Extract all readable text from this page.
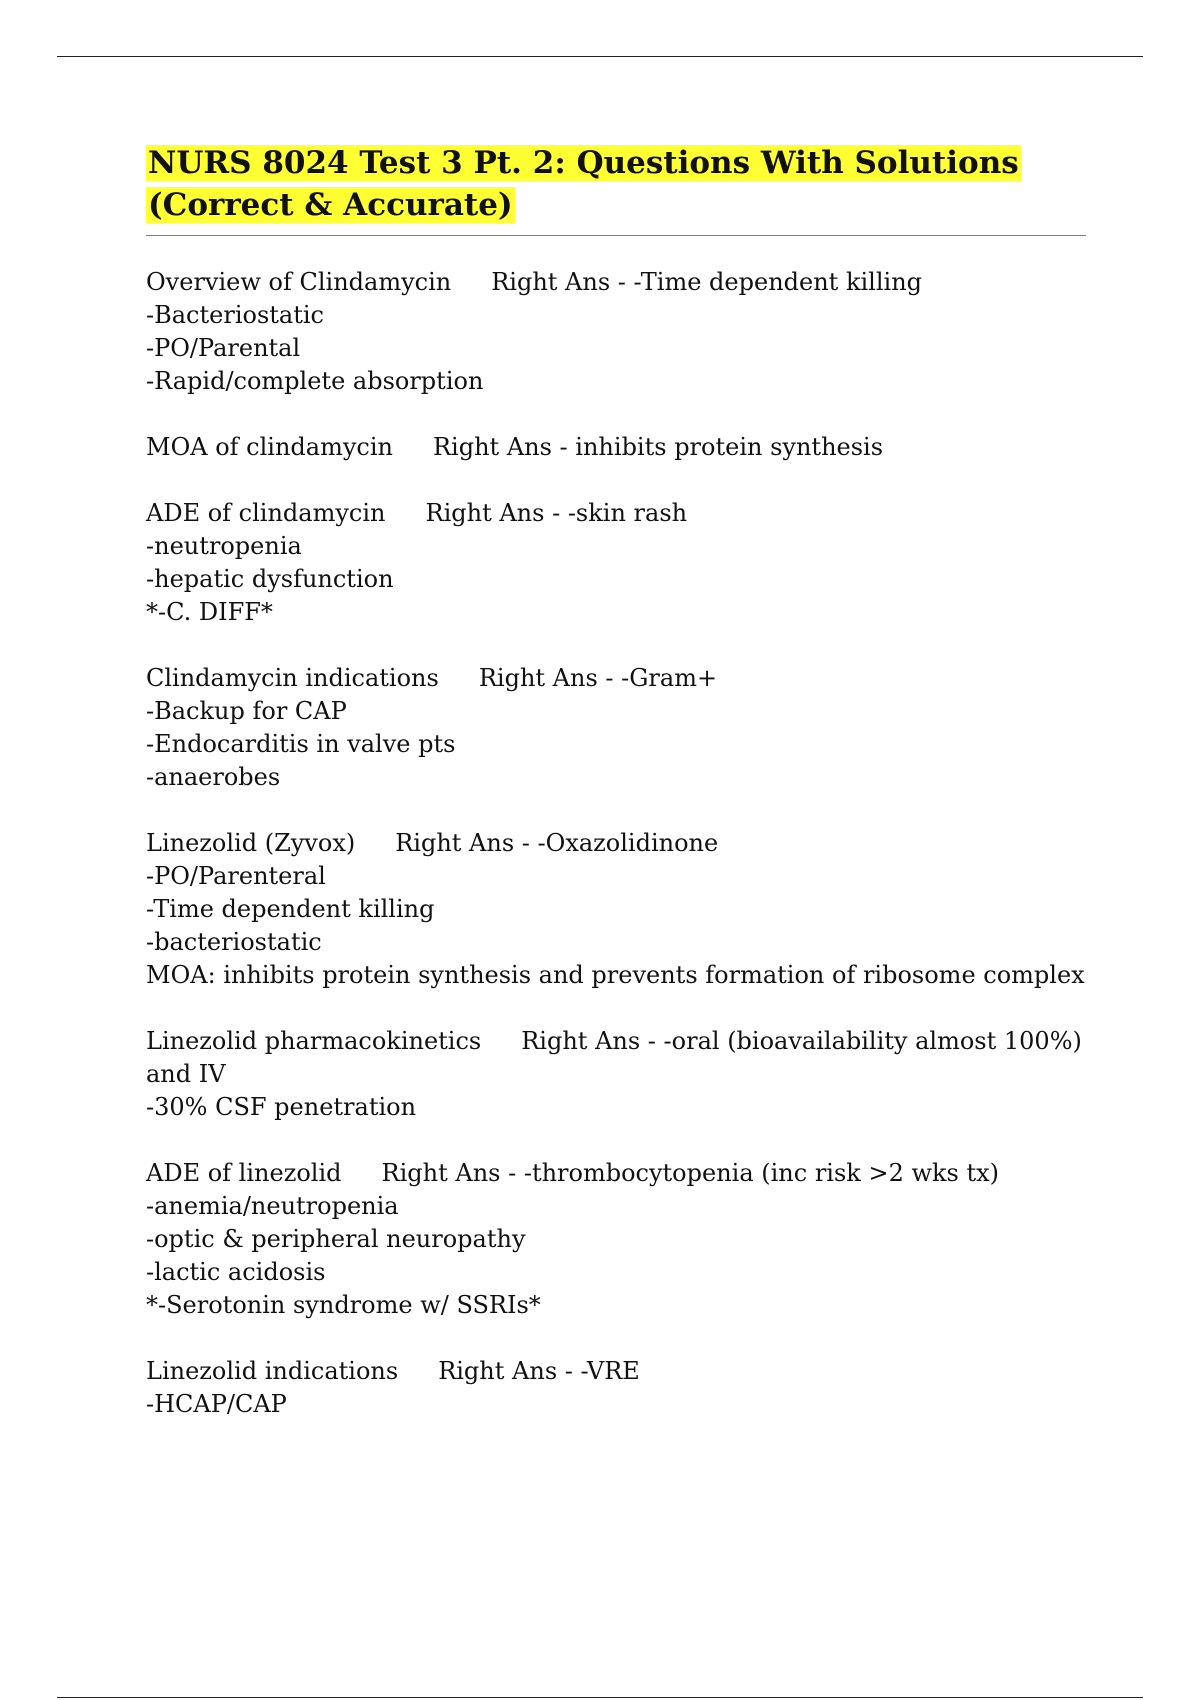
NURS 8024 Test 3 Pt. 2: Questions With Solutions
(Correct & Accurate)
Overview of Clindamycin Right Ans - -Time dependent killing
-Bacteriostatic
-PO/Parental
-Rapid/complete absorption
MOA of clindamycin Right Ans - inhibits protein synthesis
ADE of clindamycin Right Ans - -skin rash
-neutropenia
-hepatic dysfunction
*-C. DIFF*
Clindamycin indications Right Ans - -Gram+
-Backup for CAP
-Endocarditis in valve pts
-anaerobes
Linezolid (Zyvox) Right Ans - -Oxazolidinone
-PO/Parenteral
-Time dependent killing
-bacteriostatic
MOA: inhibits protein synthesis and prevents formation of ribosome complex
Linezolid pharmacokinetics Right Ans - -oral (bioavailability almost 100%) and IV
-30% CSF penetration
ADE of linezolid Right Ans - -thrombocytopenia (inc risk >2 wks tx)
-anemia/neutropenia
-optic & peripheral neuropathy
-lactic acidosis
*-Serotonin syndrome w/ SSRIs*
Linezolid indications Right Ans - -VRE
-HCAP/CAP
